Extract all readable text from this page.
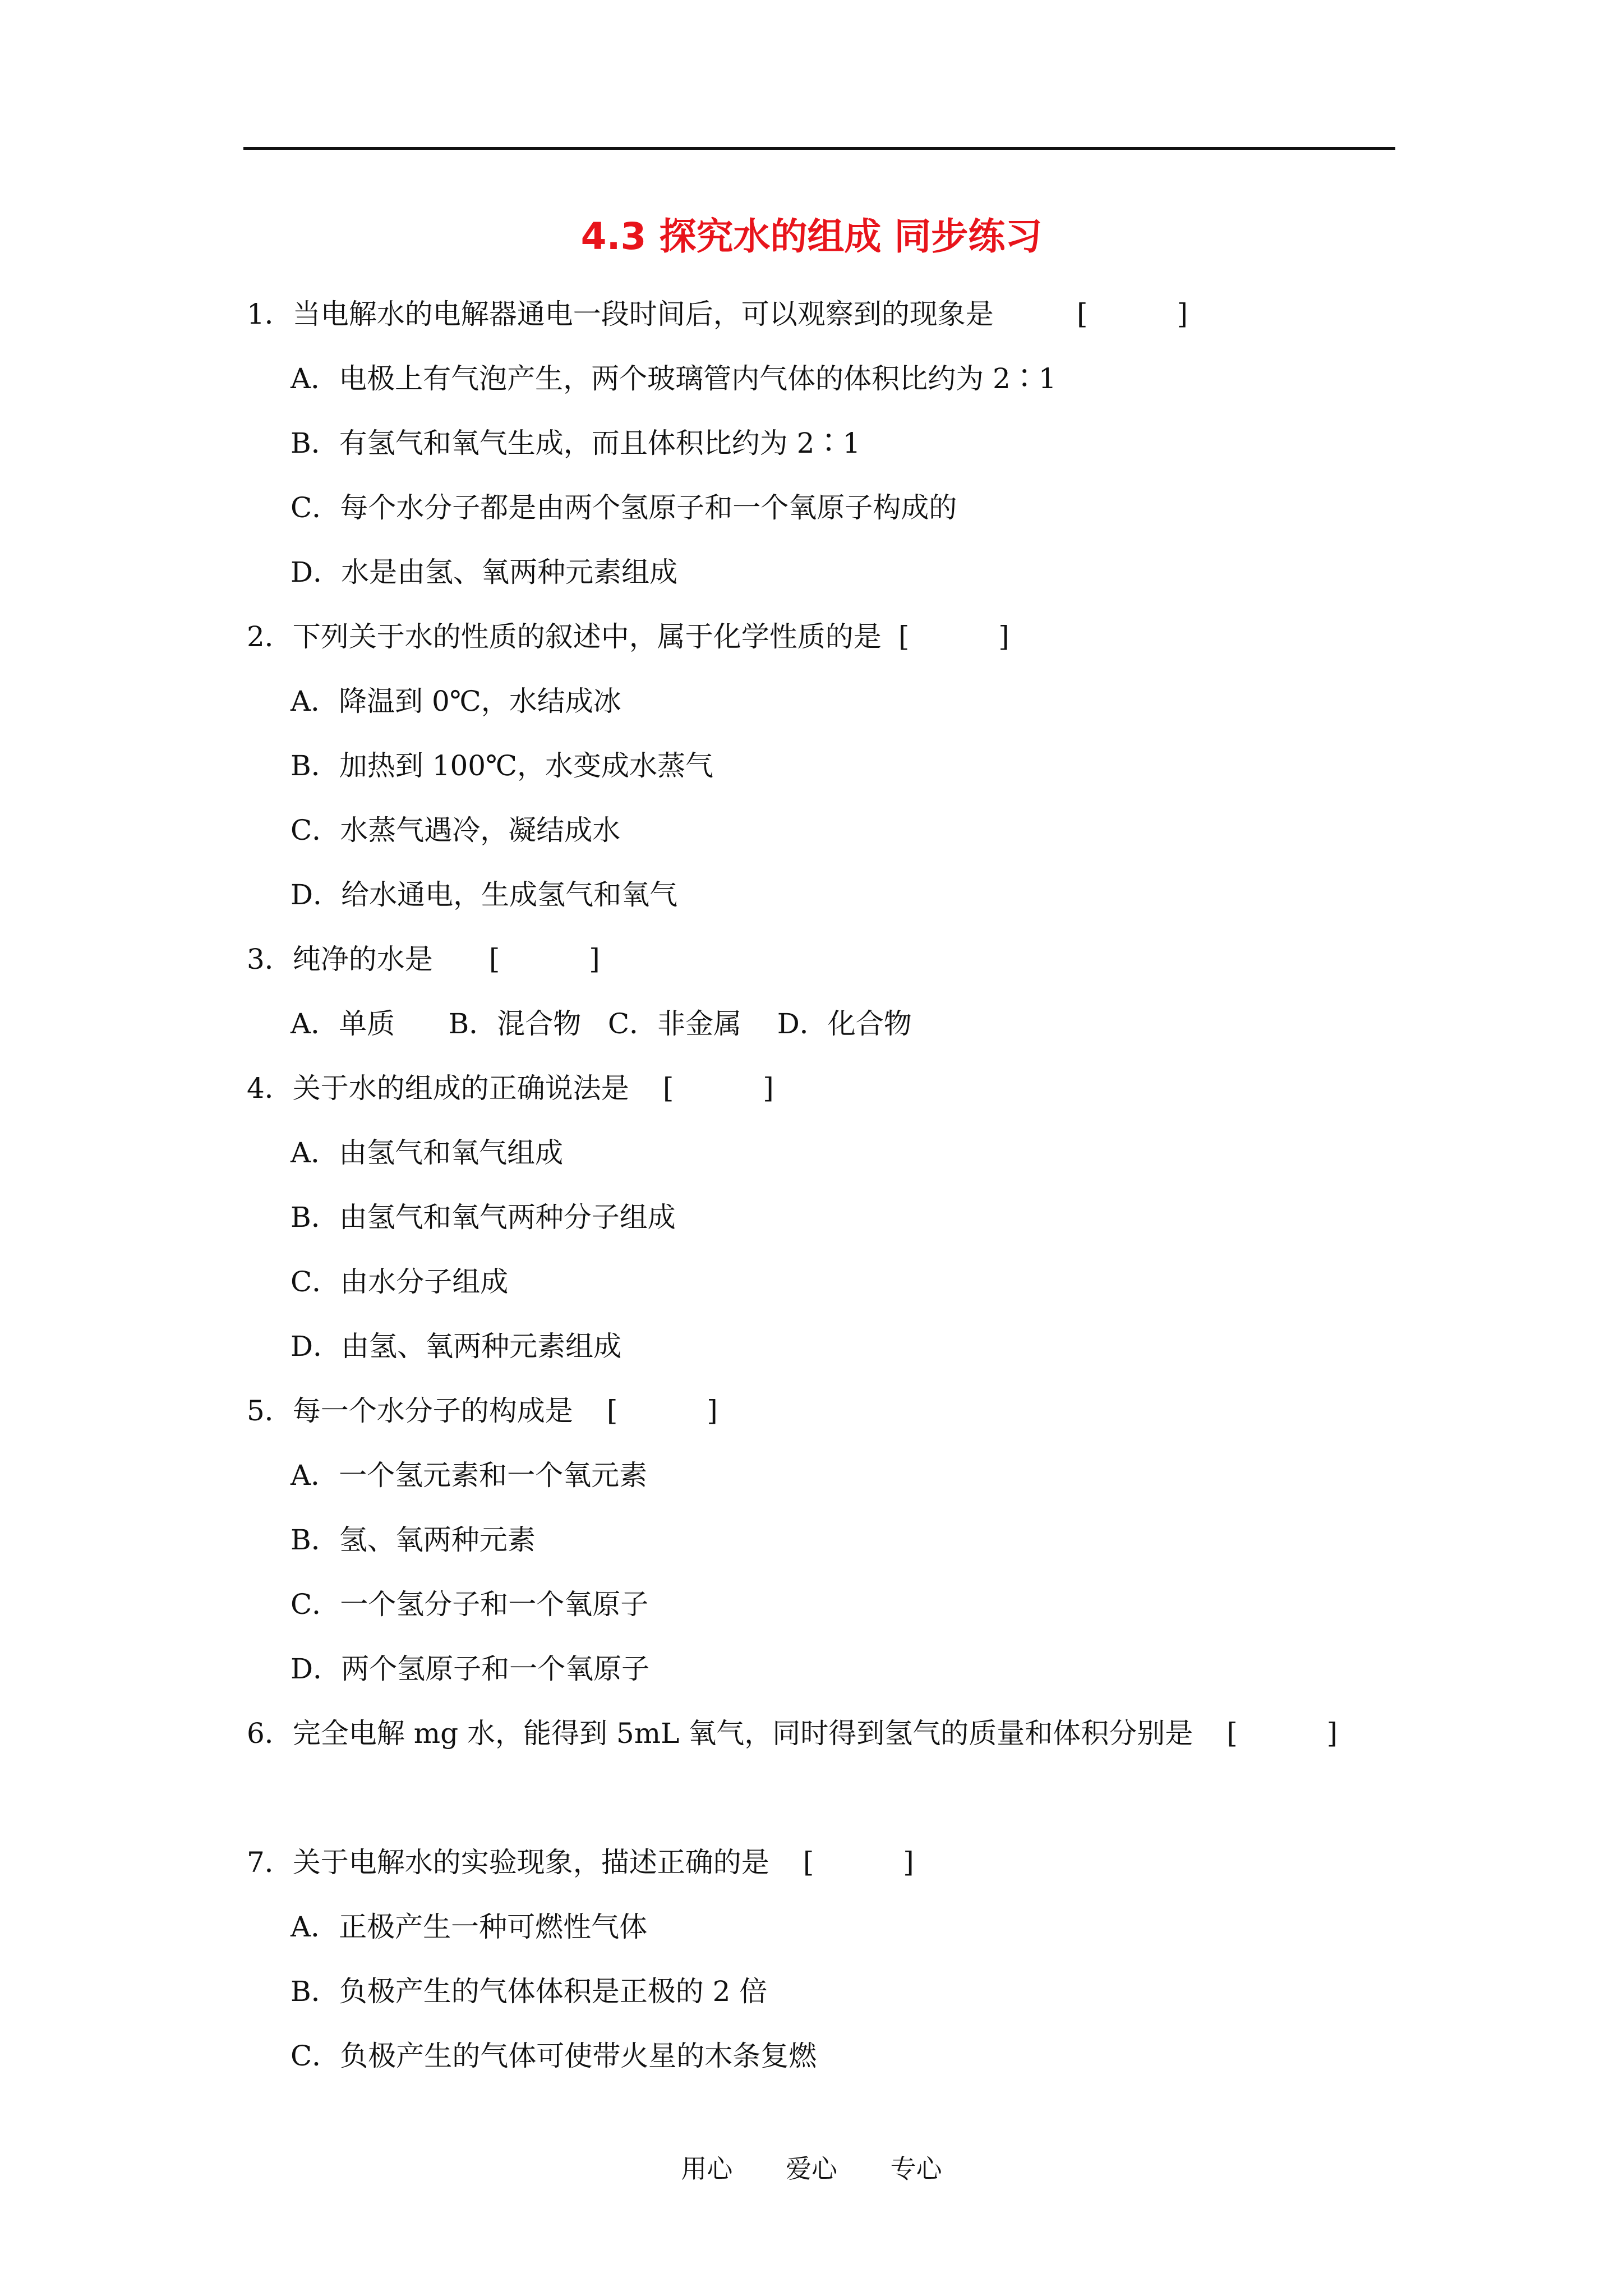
4.3 探究水的组成 同步练习
1．当电解水的电解器通电一段时间后，可以观察到的现象是	[          ]
A．电极上有气泡产生，两个玻璃管内气体的体积比约为 2∶1
B．有氢气和氧气生成，而且体积比约为 2∶1
C．每个水分子都是由两个氢原子和一个氧原子构成的
D．水是由氢、氧两种元素组成
2．下列关于水的性质的叙述中，属于化学性质的是 [          ]
A．降温到 0℃，水结成冰
B．加热到 100℃，水变成水蒸气
C．水蒸气遇冷，凝结成水
D．给水通电，生成氢气和氧气
3．纯净的水是 [          ]
A．单质      B．混合物   C．非金属    D．化合物
4．关于水的组成的正确说法是 [          ]
A．由氢气和氧气组成
B．由氢气和氧气两种分子组成
C．由水分子组成
D．由氢、氧两种元素组成
5．每一个水分子的构成是 [          ]
A．一个氢元素和一个氧元素
B．氢、氧两种元素
C．一个氢分子和一个氧原子
D．两个氢原子和一个氧原子
6．完全电解 mg 水，能得到 5mL 氧气，同时得到氢气的质量和体积分别是 [          ]
7．关于电解水的实验现象，描述正确的是 [          ]
A．正极产生一种可燃性气体
B．负极产生的气体体积是正极的 2 倍
C．负极产生的气体可使带火星的木条复燃
用心 爱心 专心
